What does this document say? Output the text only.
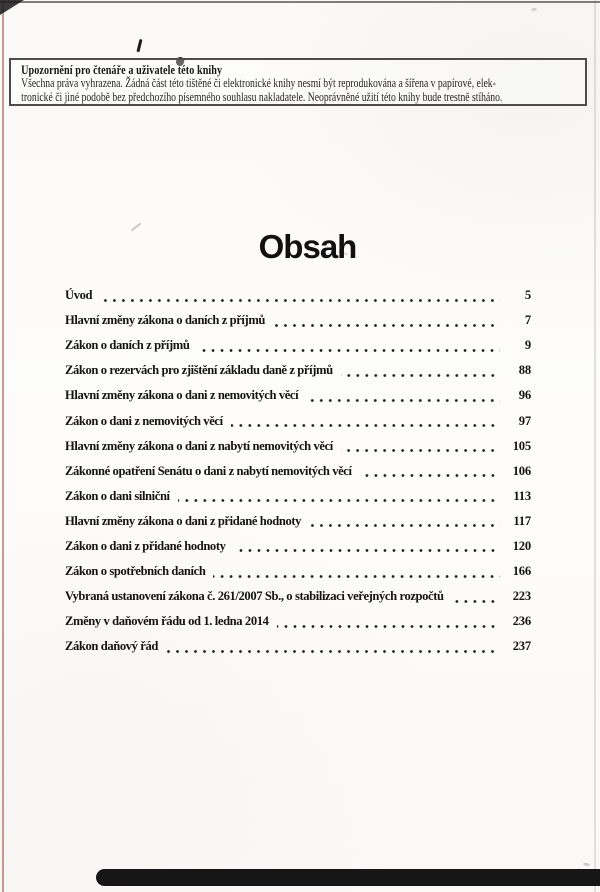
Upozornění pro čtenáře a uživatele této knihy
Všechna práva vyhrazena. Žádná část této tištěné či elektronické knihy nesmí být reprodukována a šířena v papírové, elek-
tronické či jiné podobě bez předchozího písemného souhlasu nakladatele. Neoprávněné užití této knihy bude trestně stíháno.
Obsah
Úvod	5
Hlavní změny zákona o daních z příjmů	7
Zákon o daních z příjmů	9
Zákon o rezervách pro zjištění základu daně z příjmů	88
Hlavní změny zákona o dani z nemovitých věcí	96
Zákon o dani z nemovitých věcí	97
Hlavní změny zákona o dani z nabytí nemovitých věcí	105
Zákonné opatření Senátu o dani z nabytí nemovitých věcí	106
Zákon o dani silniční	113
Hlavní změny zákona o dani z přidané hodnoty	117
Zákon o dani z přidané hodnoty	120
Zákon o spotřebních daních	166
Vybraná ustanovení zákona č. 261/2007 Sb., o stabilizaci veřejných rozpočtů	223
Změny v daňovém řádu od 1. ledna 2014	236
Zákon daňový řád	237
